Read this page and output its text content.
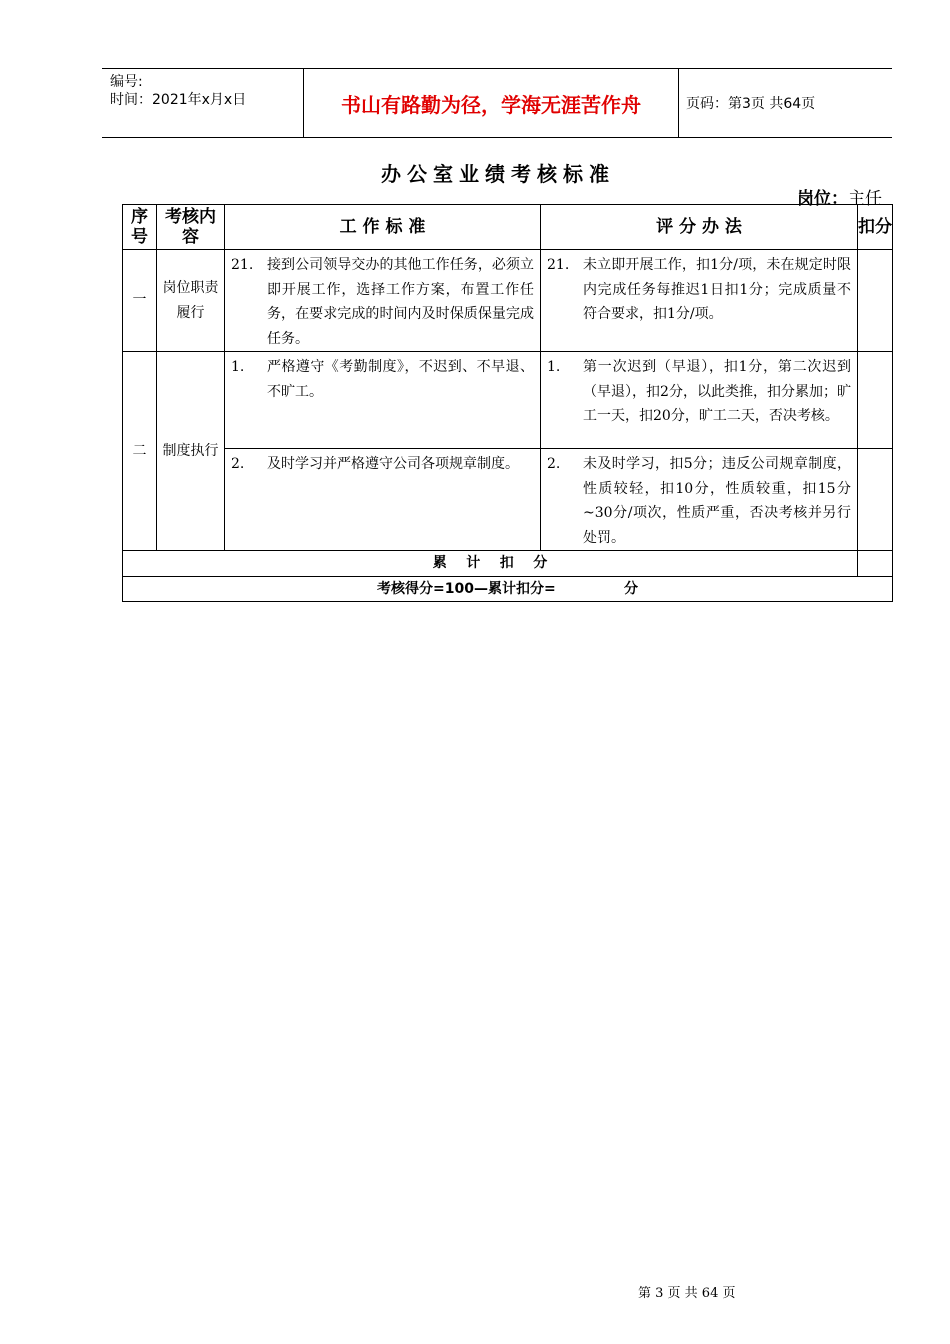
编号:
时间：2021年x月x日	书山有路勤为径，学海无涯苦作舟	页码：第3页 共64页
办公室业绩考核标准
岗位：主任
序号	考核内容	工 作 标 准	评 分 办 法	扣分
一	岗位职责履行	21. 接到公司领导交办的其他工作任务，必须立即开展工作，选择工作方案，布置工作任务，在要求完成的时间内及时保质保量完成任务。	21. 未立即开展工作，扣1分/项，未在规定时限内完成任务每推迟1日扣1分；完成质量不符合要求，扣1分/项。	

二	制度执行	1. 严格遵守《考勤制度》，不迟到、不早退、不旷工。	1. 第一次迟到（早退），扣1分，第二次迟到（早退），扣2分，以此类推，扣分累加；旷工一天，扣20分，旷工二天，否决考核。	

		2. 及时学习并严格遵守公司各项规章制度。	2. 未及时学习，扣5分；违反公司规章制度，性质较轻，扣10分，性质较重，扣15分~30分/项次，性质严重，否决考核并另行处罚。	

累    计    扣    分				
考核得分=100—累计扣分=              分				
第 3 页 共 64 页
